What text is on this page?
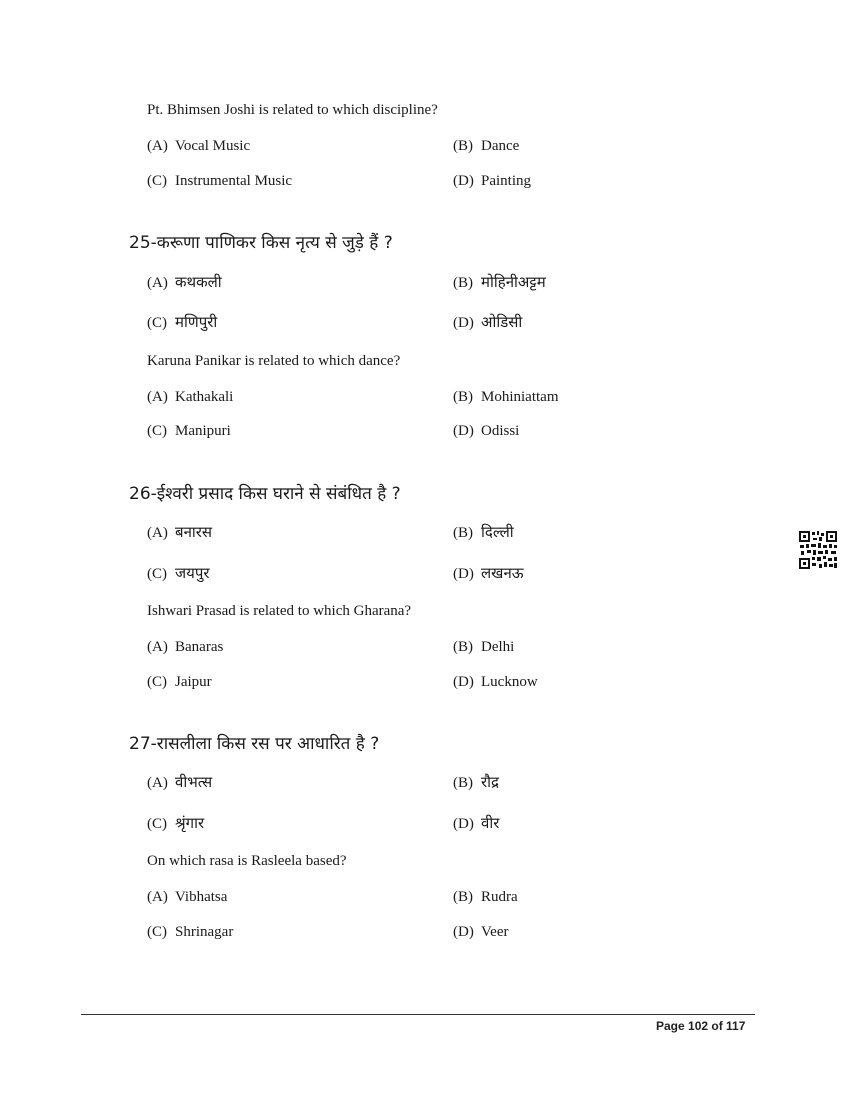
Pt. Bhimsen Joshi is related to which discipline?
(A) Vocal Music	(B) Dance
(C) Instrumental Music	(D) Painting
25-करूणा पाणिकर किस नृत्य से जुड़े हैं ?
(A) कथकली	(B) मोहिनीअट्टम
(C) मणिपुरी	(D) ओडिसी
Karuna Panikar is related to which dance?
(A) Kathakali	(B) Mohiniattam
(C) Manipuri	(D) Odissi
26-ईश्वरी प्रसाद किस घराने से संबंधित है ?
(A) बनारस	(B) दिल्ली
(C) जयपुर	(D) लखनऊ
Ishwari Prasad is related to which Gharana?
(A) Banaras	(B) Delhi
(C) Jaipur	(D) Lucknow
27-रासलीला किस रस पर आधारित है ?
(A) वीभत्स	(B) रौद्र
(C) श्रृंगार	(D) वीर
On which rasa is Rasleela based?
(A) Vibhatsa	(B) Rudra
(C) Shrinagar	(D) Veer
Page 102 of 117
